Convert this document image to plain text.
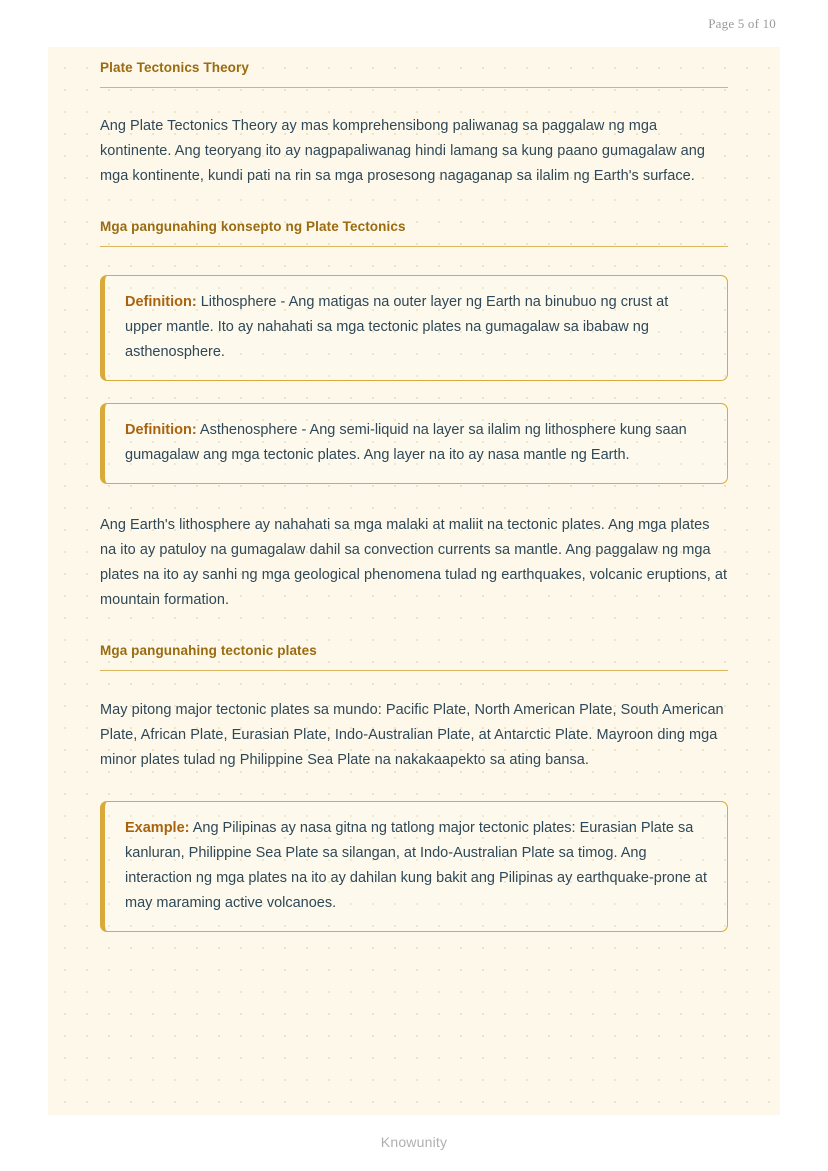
Page 5 of 10
Plate Tectonics Theory

Ang Plate Tectonics Theory ay mas komprehensibong paliwanag sa paggalaw ng mga kontinente. Ang teoryang ito ay nagpapaliwanag hindi lamang sa kung paano gumagalaw ang mga kontinente, kundi pati na rin sa mga prosesong nagaganap sa ilalim ng Earth's surface.

Mga pangunahing konsepto ng Plate Tectonics

Definition: Lithosphere - Ang matigas na outer layer ng Earth na binubuo ng crust at upper mantle. Ito ay nahahati sa mga tectonic plates na gumagalaw sa ibabaw ng asthenosphere.

Definition: Asthenosphere - Ang semi-liquid na layer sa ilalim ng lithosphere kung saan gumagalaw ang mga tectonic plates. Ang layer na ito ay nasa mantle ng Earth.

Ang Earth's lithosphere ay nahahati sa mga malaki at maliit na tectonic plates. Ang mga plates na ito ay patuloy na gumagalaw dahil sa convection currents sa mantle. Ang paggalaw ng mga plates na ito ay sanhi ng mga geological phenomena tulad ng earthquakes, volcanic eruptions, at mountain formation.

Mga pangunahing tectonic plates

May pitong major tectonic plates sa mundo: Pacific Plate, North American Plate, South American Plate, African Plate, Eurasian Plate, Indo-Australian Plate, at Antarctic Plate. Mayroon ding mga minor plates tulad ng Philippine Sea Plate na nakakaapekto sa ating bansa.

Example: Ang Pilipinas ay nasa gitna ng tatlong major tectonic plates: Eurasian Plate sa kanluran, Philippine Sea Plate sa silangan, at Indo-Australian Plate sa timog. Ang interaction ng mga plates na ito ay dahilan kung bakit ang Pilipinas ay earthquake-prone at may maraming active volcanoes.

Knowunity
